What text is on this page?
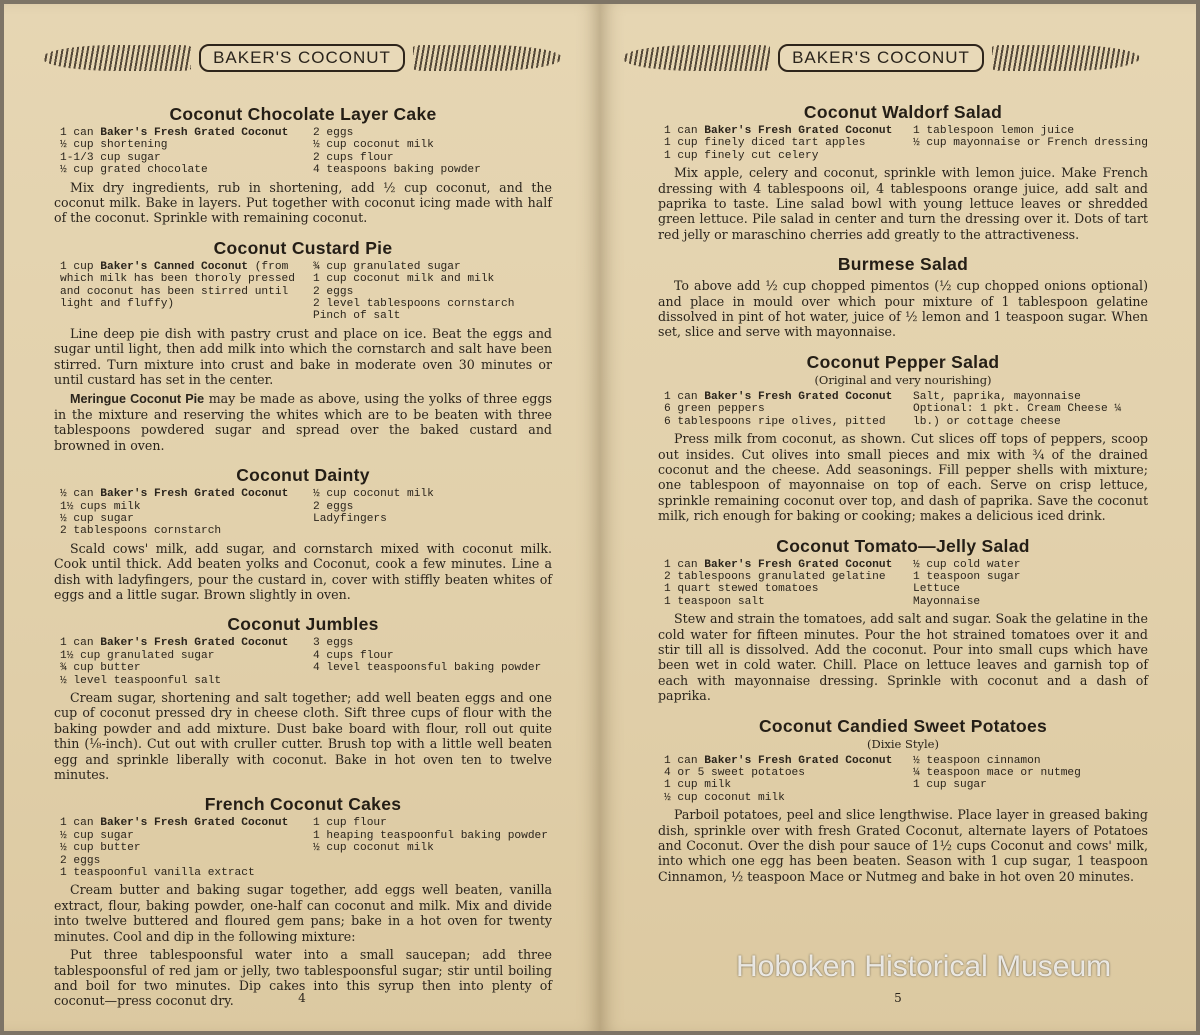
BAKER'S COCONUT
Coconut Chocolate Layer Cake
1 can Baker's Fresh Grated Coconut
½ cup shortening
1-1/3 cup sugar
½ cup grated chocolate
2 eggs
½ cup coconut milk
2 cups flour
4 teaspoons baking powder

Mix dry ingredients, rub in shortening, add ½ cup coconut, and the coconut milk. Bake in layers. Put together with coconut icing made with half of the coconut. Sprinkle with remaining coconut.

Coconut Custard Pie
1 cup Baker's Canned Coconut (from which milk has been thoroly pressed and coconut has been stirred until light and fluffy)
¾ cup granulated sugar
1 cup coconut milk and milk
2 eggs
2 level tablespoons cornstarch
Pinch of salt

Line deep pie dish with pastry crust and place on ice. Beat the eggs and sugar until light, then add milk into which the cornstarch and salt have been stirred. Turn mixture into crust and bake in moderate oven 30 minutes or until custard has set in the center.

Meringue Coconut Pie may be made as above, using the yolks of three eggs in the mixture and reserving the whites which are to be beaten with three tablespoons powdered sugar and spread over the baked custard and browned in oven.

Coconut Dainty
½ can Baker's Fresh Grated Coconut
1½ cups milk
½ cup sugar
2 tablespoons cornstarch
½ cup coconut milk
2 eggs
Ladyfingers

Scald cows' milk, add sugar, and cornstarch mixed with coconut milk. Cook until thick. Add beaten yolks and Coconut, cook a few minutes. Line a dish with ladyfingers, pour the custard in, cover with stiffly beaten whites of eggs and a little sugar. Brown slightly in oven.

Coconut Jumbles
1 can Baker's Fresh Grated Coconut
1½ cup granulated sugar
¾ cup butter
½ level teaspoonful salt
3 eggs
4 cups flour
4 level teaspoonsful baking powder

Cream sugar, shortening and salt together; add well beaten eggs and one cup of coconut pressed dry in cheese cloth. Sift three cups of flour with the baking powder and add mixture. Dust bake board with flour, roll out quite thin (⅛-inch). Cut out with cruller cutter. Brush top with a little well beaten egg and sprinkle liberally with coconut. Bake in hot oven ten to twelve minutes.

French Coconut Cakes
1 can Baker's Fresh Grated Coconut
½ cup sugar
½ cup butter
2 eggs
1 teaspoonful vanilla extract
1 cup flour
1 heaping teaspoonful baking powder
½ cup coconut milk

Cream butter and baking sugar together, add eggs well beaten, vanilla extract, flour, baking powder, one-half can coconut and milk. Mix and divide into twelve buttered and floured gem pans; bake in a hot oven for twenty minutes. Cool and dip in the following mixture:

Put three tablespoonsful water into a small saucepan; add three tablespoonsful of red jam or jelly, two tablespoonsful sugar; stir until boiling and boil for two minutes. Dip cakes into this syrup then into plenty of coconut—press coconut dry.	4
BAKER'S COCONUT
Coconut Waldorf Salad
1 can Baker's Fresh Grated Coconut
1 cup finely diced tart apples
1 cup finely cut celery
1 tablespoon lemon juice
½ cup mayonnaise or French dressing

Mix apple, celery and coconut, sprinkle with lemon juice. Make French dressing with 4 tablespoons oil, 4 tablespoons orange juice, add salt and paprika to taste. Line salad bowl with young lettuce leaves or shredded green lettuce. Pile salad in center and turn the dressing over it. Dots of tart red jelly or maraschino cherries add greatly to the attractiveness.

Burmese Salad

To above add ½ cup chopped pimentos (½ cup chopped onions optional) and place in mould over which pour mixture of 1 tablespoon gelatine dissolved in pint of hot water, juice of ½ lemon and 1 teaspoon sugar. When set, slice and serve with mayonnaise.

Coconut Pepper Salad
(Original and very nourishing)
1 can Baker's Fresh Grated Coconut
6 green peppers
6 tablespoons ripe olives, pitted
Salt, paprika, mayonnaise
Optional: 1 pkt. Cream Cheese ¼ lb.) or cottage cheese

Press milk from coconut, as shown. Cut slices off tops of peppers, scoop out insides. Cut olives into small pieces and mix with ¾ of the drained coconut and the cheese. Add seasonings. Fill pepper shells with mixture; one tablespoon of mayonnaise on top of each. Serve on crisp lettuce, sprinkle remaining coconut over top, and dash of paprika. Save the coconut milk, rich enough for baking or cooking; makes a delicious iced drink.

Coconut Tomato—Jelly Salad
1 can Baker's Fresh Grated Coconut
2 tablespoons granulated gelatine
1 quart stewed tomatoes
1 teaspoon salt
½ cup cold water
1 teaspoon sugar
Lettuce
Mayonnaise

Stew and strain the tomatoes, add salt and sugar. Soak the gelatine in the cold water for fifteen minutes. Pour the hot strained tomatoes over it and stir till all is dissolved. Add the coconut. Pour into small cups which have been wet in cold water. Chill. Place on lettuce leaves and garnish top of each with mayonnaise dressing. Sprinkle with coconut and a dash of paprika.

Coconut Candied Sweet Potatoes
(Dixie Style)
1 can Baker's Fresh Grated Coconut
4 or 5 sweet potatoes
1 cup milk
½ cup coconut milk
½ teaspoon cinnamon
¼ teaspoon mace or nutmeg
1 cup sugar

Parboil potatoes, peel and slice lengthwise. Place layer in greased baking dish, sprinkle over with fresh Grated Coconut, alternate layers of Potatoes and Coconut. Over the dish pour sauce of 1½ cups Coconut and cows' milk, into which one egg has been beaten. Season with 1 cup sugar, 1 teaspoon Cinnamon, ½ teaspoon Mace or Nutmeg and bake in hot oven 20 minutes.

5
Hoboken Historical Museum
